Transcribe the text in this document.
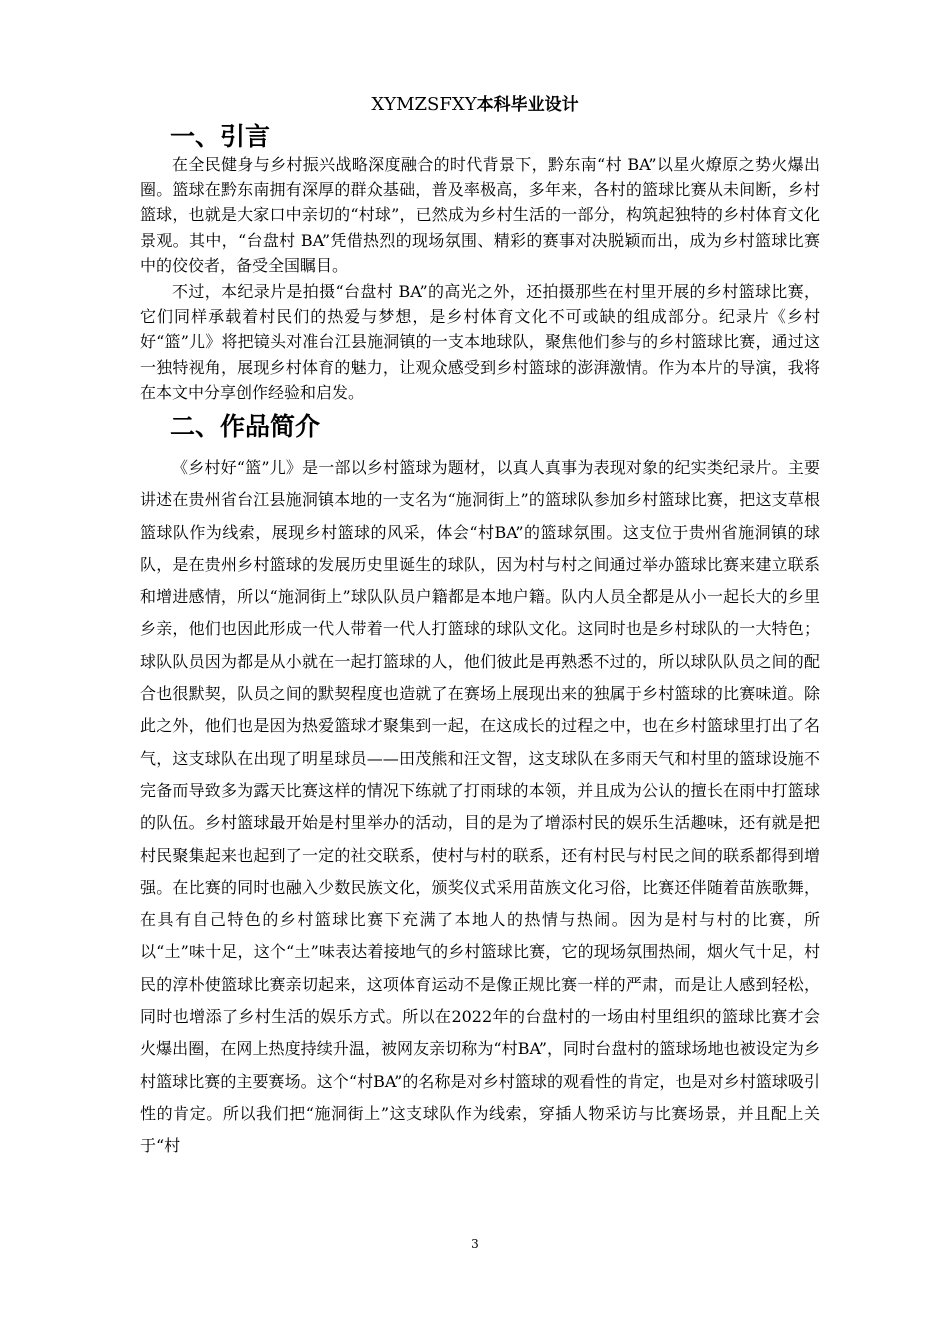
XYMZSFXY本科毕业设计
一、引言

在全民健身与乡村振兴战略深度融合的时代背景下，黔东南“村 BA”以星火燎原之势火爆出圈。篮球在黔东南拥有深厚的群众基础，普及率极高，多年来，各村的篮球比赛从未间断，乡村篮球，也就是大家口中亲切的“村球”，已然成为乡村生活的一部分，构筑起独特的乡村体育文化景观。其中，“台盘村 BA”凭借热烈的现场氛围、精彩的赛事对决脱颖而出，成为乡村篮球比赛中的佼佼者，备受全国瞩目。

不过，本纪录片是拍摄“台盘村 BA”的高光之外，还拍摄那些在村里开展的乡村篮球比赛，它们同样承载着村民们的热爱与梦想，是乡村体育文化不可或缺的组成部分。纪录片《乡村好“篮”儿》将把镜头对准台江县施洞镇的一支本地球队，聚焦他们参与的乡村篮球比赛，通过这一独特视角，展现乡村体育的魅力，让观众感受到乡村篮球的澎湃激情。作为本片的导演，我将在本文中分享创作经验和启发。

二、作品简介

《乡村好“篮”儿》是一部以乡村篮球为题材，以真人真事为表现对象的纪实类纪录片。主要讲述在贵州省台江县施洞镇本地的一支名为“施洞街上”的篮球队参加乡村篮球比赛，把这支草根篮球队作为线索，展现乡村篮球的风采，体会“村BA”的篮球氛围。这支位于贵州省施洞镇的球队，是在贵州乡村篮球的发展历史里诞生的球队，因为村与村之间通过举办篮球比赛来建立联系和增进感情，所以“施洞街上”球队队员户籍都是本地户籍。队内人员全都是从小一起长大的乡里乡亲，他们也因此形成一代人带着一代人打篮球的球队文化。这同时也是乡村球队的一大特色；球队队员因为都是从小就在一起打篮球的人，他们彼此是再熟悉不过的，所以球队队员之间的配合也很默契，队员之间的默契程度也造就了在赛场上展现出来的独属于乡村篮球的比赛味道。除此之外，他们也是因为热爱篮球才聚集到一起，在这成长的过程之中，也在乡村篮球里打出了名气，这支球队在出现了明星球员——田茂熊和汪文智，这支球队在多雨天气和村里的篮球设施不完备而导致多为露天比赛这样的情况下练就了打雨球的本领，并且成为公认的擅长在雨中打篮球的队伍。乡村篮球最开始是村里举办的活动，目的是为了增添村民的娱乐生活趣味，还有就是把村民聚集起来也起到了一定的社交联系，使村与村的联系，还有村民与村民之间的联系都得到增强。在比赛的同时也融入少数民族文化，颁奖仪式采用苗族文化习俗，比赛还伴随着苗族歌舞，在具有自己特色的乡村篮球比赛下充满了本地人的热情与热闹。因为是村与村的比赛，所以“土”味十足，这个“土”味表达着接地气的乡村篮球比赛，它的现场氛围热闹，烟火气十足，村民的淳朴使篮球比赛亲切起来，这项体育运动不是像正规比赛一样的严肃，而是让人感到轻松，同时也增添了乡村生活的娱乐方式。所以在2022年的台盘村的一场由村里组织的篮球比赛才会火爆出圈，在网上热度持续升温，被网友亲切称为“村BA”，同时台盘村的篮球场地也被设定为乡村篮球比赛的主要赛场。这个“村BA”的名称是对乡村篮球的观看性的肯定，也是对乡村篮球吸引性的肯定。所以我们把“施洞街上”这支球队作为线索，穿插人物采访与比赛场景，并且配上关于“村

3
